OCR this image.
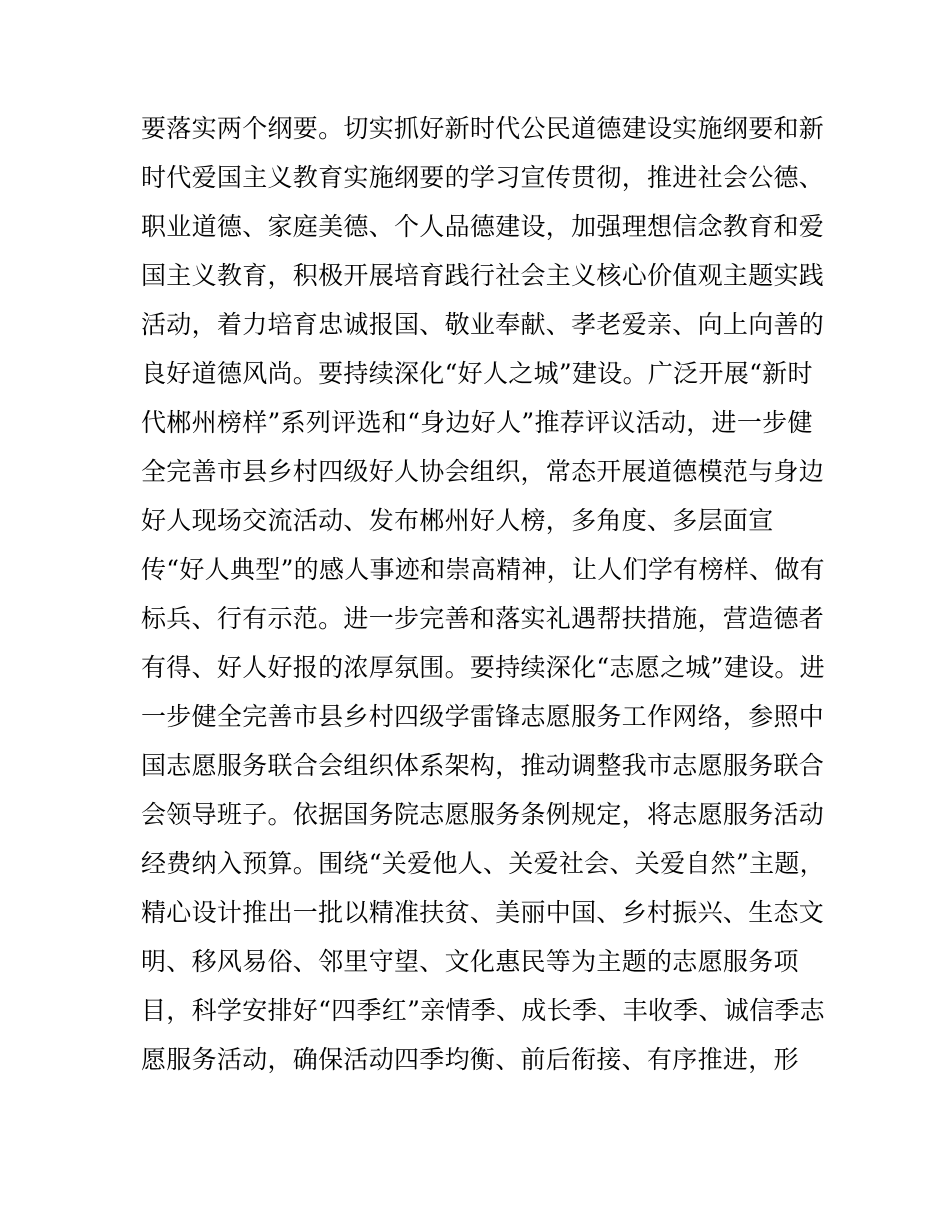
要落实两个纲要。切实抓好新时代公民道德建设实施纲要和新
时代爱国主义教育实施纲要的学习宣传贯彻，推进社会公德、
职业道德、家庭美德、个人品德建设，加强理想信念教育和爱
国主义教育，积极开展培育践行社会主义核心价值观主题实践
活动，着力培育忠诚报国、敬业奉献、孝老爱亲、向上向善的
良好道德风尚。要持续深化“好人之城”建设。广泛开展“新时
代郴州榜样”系列评选和“身边好人”推荐评议活动，进一步健
全完善市县乡村四级好人协会组织，常态开展道德模范与身边
好人现场交流活动、发布郴州好人榜，多角度、多层面宣
传“好人典型”的感人事迹和崇高精神，让人们学有榜样、做有
标兵、行有示范。进一步完善和落实礼遇帮扶措施，营造德者
有得、好人好报的浓厚氛围。要持续深化“志愿之城”建设。进
一步健全完善市县乡村四级学雷锋志愿服务工作网络，参照中
国志愿服务联合会组织体系架构，推动调整我市志愿服务联合
会领导班子。依据国务院志愿服务条例规定，将志愿服务活动
经费纳入预算。围绕“关爱他人、关爱社会、关爱自然”主题，
精心设计推出一批以精准扶贫、美丽中国、乡村振兴、生态文
明、移风易俗、邻里守望、文化惠民等为主题的志愿服务项
目，科学安排好“四季红”亲情季、成长季、丰收季、诚信季志
愿服务活动，确保活动四季均衡、前后衔接、有序推进，形
